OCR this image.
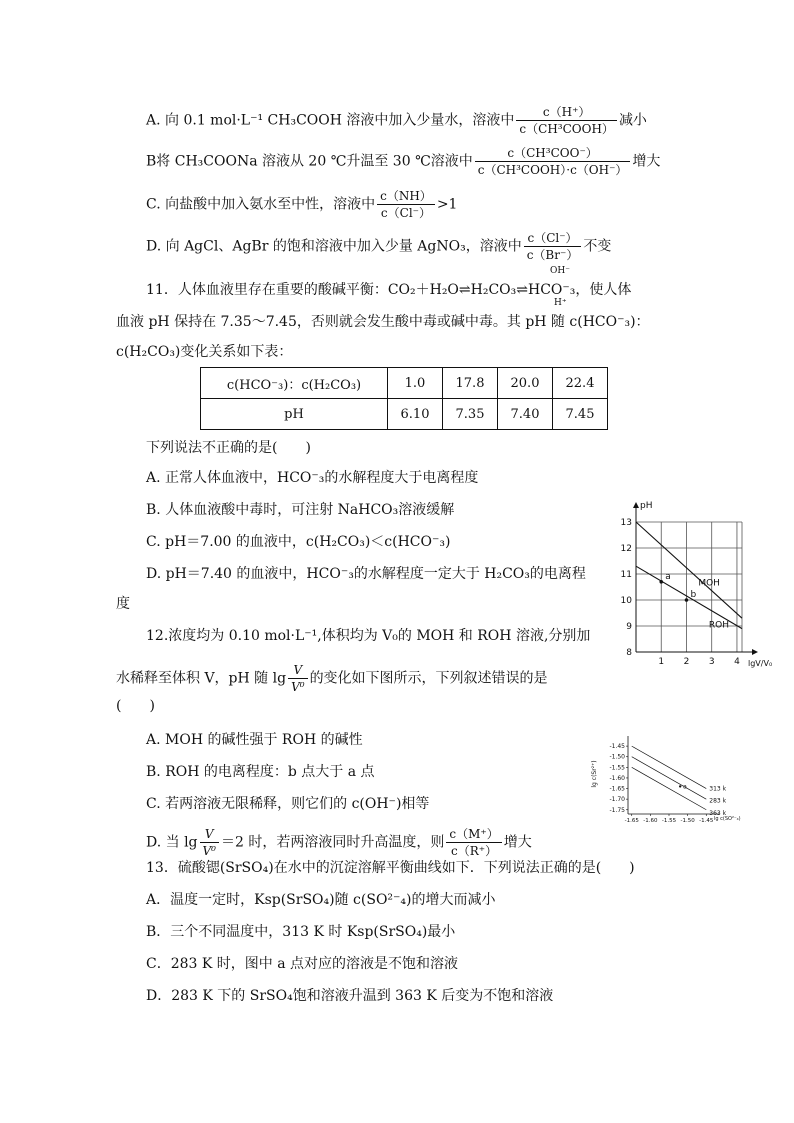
A. 向 0.1 mol·L⁻¹ CH₃COOH 溶液中加入少量水，溶液中 $\frac{c(H^+)}{\text{c（CH³COOH）}}$ 减小
B将 CH₃COONa 溶液从 20 ℃升温至 30 ℃溶液中 $\frac{\text{c（CH³COO⁻）}}{\text{c（CH³COOH）·c（OH⁻）}}$ 增大
C. 向盐酸中加入氨水至中性，溶液中 $\frac{c(NH)}{c(Cl^-)} >1$
D. 向 AgCl、AgBr 的饱和溶液中加入少量 AgNO₃，溶液中 $\frac{c(Cl^-)}{c(Br^-)}$ 不变
11．人体血液里存在重要的酸碱平衡：CO₂＋H₂O⇌H₂CO₃⇌HCO⁻₃，使人体
OH⁻
H⁺
血液 pH 保持在 7.35～7.45，否则就会发生酸中毒或碱中毒。其 pH 随 c(HCO⁻₃)：
c(H₂CO₃)变化关系如下表：
c(HCO⁻₃)：c(H₂CO₃)	1.0	17.8	20.0	22.4
pH	6.10	7.35	7.40	7.45
下列说法不正确的是(　　)
A. 正常人体血液中，HCO⁻₃的水解程度大于电离程度
B. 人体血液酸中毒时，可注射 NaHCO₃溶液缓解
C. pH＝7.00 的血液中，c(H₂CO₃)＜c(HCO⁻₃)
D. pH＝7.40 的血液中，HCO⁻₃的水解程度一定大于 H₂CO₃的电离程
度
12.浓度均为 0.10 mol·L⁻¹,体积均为 V₀的 MOH 和 ROH 溶液,分别加
水稀释至体积 V，pH 随 $\lg \frac{V}{\text{V⁰}}$ 的变化如下图所示，下列叙述错误的是
(　　)
A. MOH 的碱性强于 ROH 的碱性
B. ROH 的电离程度：b 点大于 a 点
C. 若两溶液无限稀释，则它们的 c(OH⁻)相等
D. 当 $\lg \frac{V}{\text{V⁰}} =2$ 时，若两溶液同时升高温度，则 $\frac{c(M^+)}{c(R^+)}$ 增大
13．硫酸锶(SrSO₄)在水中的沉淀溶解平衡曲线如下．下列说法正确的是(　　)
A．温度一定时，Ksp(SrSO₄)随 c(SO²⁻₄)的增大而减小
B．三个不同温度中，313 K 时 Ksp(SrSO₄)最小
C．283 K 时，图中 a 点对应的溶液是不饱和溶液
D．283 K 下的 SrSO₄饱和溶液升温到 363 K 后变为不饱和溶液
8
9
10
11
12
13
1 2 3 4
pH
lgV/V₀
MOH
ROH
a
b
lg c(Sr²⁺)
lg c(SO²⁻₄)
-1.45
-1.50
-1.55
-1.60
-1.65
-1.70
-1.75
-1.65 -1.60 -1.55 -1.50 -1.45
313 k
283 k
363 k
a
